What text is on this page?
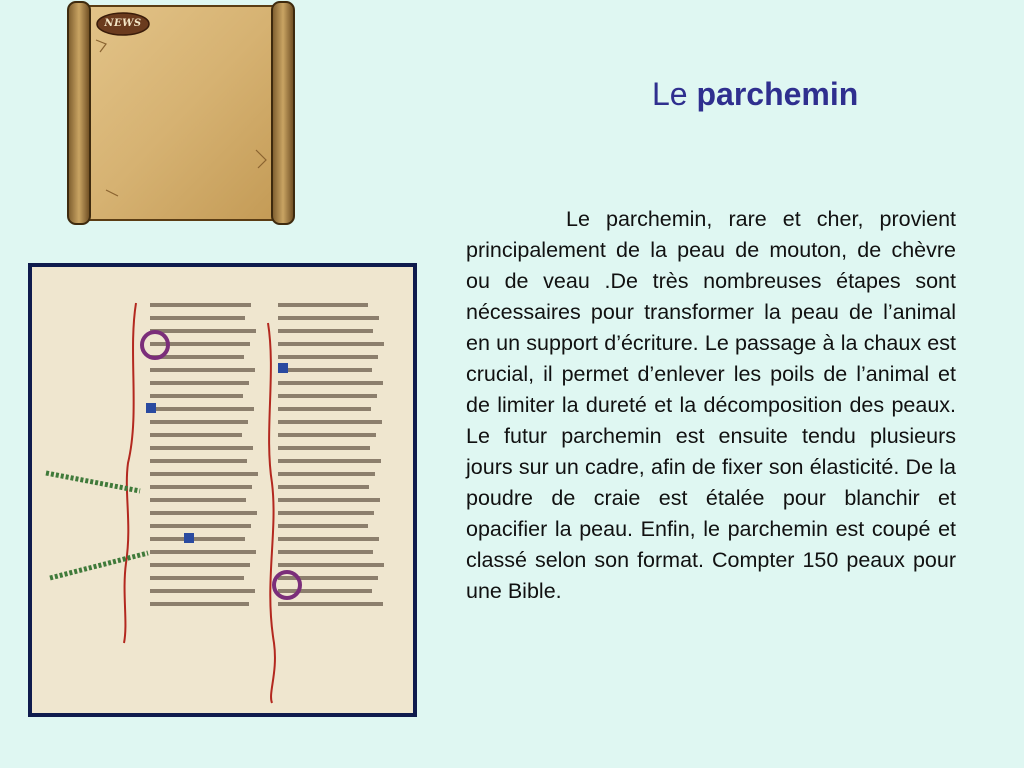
NEWS
Le parchemin

Le parchemin, rare et cher, provient principalement de la peau de mouton, de chèvre ou de veau .De très nombreuses étapes sont nécessaires pour transformer la peau de l’animal en un support d’écriture. Le passage à la chaux est crucial, il permet d’enlever les poils de l’animal et de limiter la dureté et la décomposition des peaux. Le futur parchemin est ensuite tendu plusieurs jours sur un cadre, afin de fixer son élasticité. De la poudre de craie est étalée pour blanchir et opacifier la peau. Enfin, le parchemin est coupé et classé selon son format. Compter 150 peaux pour une Bible.
